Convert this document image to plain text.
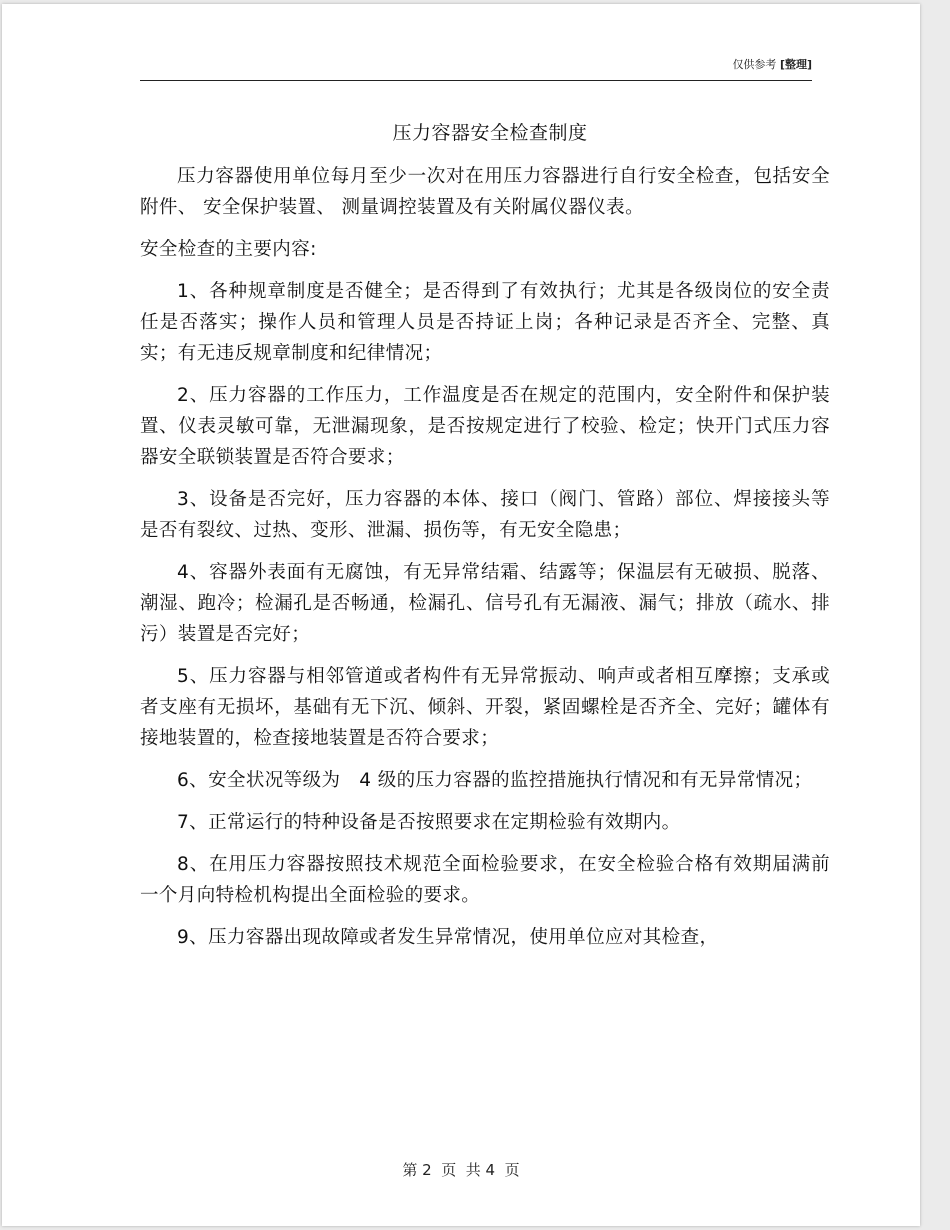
仅供参考 [整理]
压力容器安全检查制度

压力容器使用单位每月至少一次对在用压力容器进行自行安全检查，包括安全附件、 安全保护装置、 测量调控装置及有关附属仪器仪表。

安全检查的主要内容:

1、各种规章制度是否健全；是否得到了有效执行；尤其是各级岗位的安全责任是否落实；操作人员和管理人员是否持证上岗；各种记录是否齐全、完整、真实；有无违反规章制度和纪律情况；

2、压力容器的工作压力，工作温度是否在规定的范围内，安全附件和保护装置、仪表灵敏可靠，无泄漏现象，是否按规定进行了校验、检定；快开门式压力容器安全联锁装置是否符合要求；

3、设备是否完好，压力容器的本体、接口（阀门、管路）部位、焊接接头等是否有裂纹、过热、变形、泄漏、损伤等，有无安全隐患；

4、容器外表面有无腐蚀，有无异常结霜、结露等；保温层有无破损、脱落、潮湿、跑冷；检漏孔是否畅通，检漏孔、信号孔有无漏液、漏气；排放（疏水、排污）装置是否完好；

5、压力容器与相邻管道或者构件有无异常振动、响声或者相互摩擦；支承或者支座有无损坏，基础有无下沉、倾斜、开裂，紧固螺栓是否齐全、完好；罐体有接地装置的，检查接地装置是否符合要求；

6、安全状况等级为　4 级的压力容器的监控措施执行情况和有无异常情况；

7、正常运行的特种设备是否按照要求在定期检验有效期内。

8、在用压力容器按照技术规范全面检验要求，在安全检验合格有效期届满前一个月向特检机构提出全面检验的要求。

9、压力容器出现故障或者发生异常情况，使用单位应对其检查，

第 2  页  共 4  页
